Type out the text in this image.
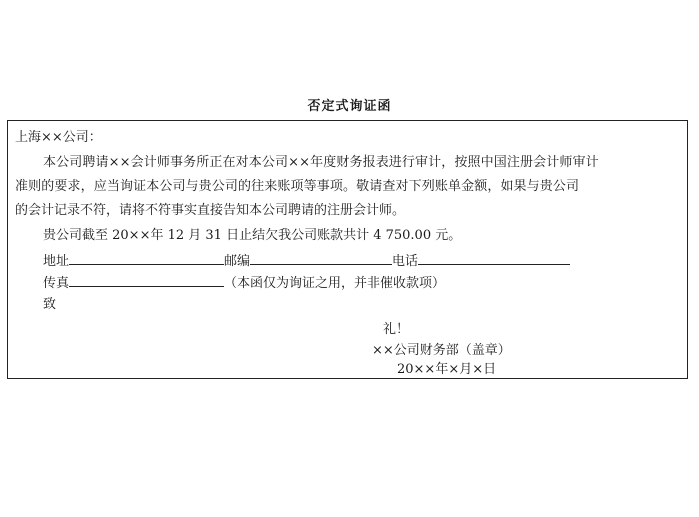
否定式询证函
上海××公司：
本公司聘请××会计师事务所正在对本公司××年度财务报表进行审计，按照中国注册会计师审计
准则的要求，应当询证本公司与贵公司的往来账项等事项。敬请查对下列账单金额，如果与贵公司
的会计记录不符，请将不符事实直接告知本公司聘请的注册会计师。
贵公司截至 20××年 12 月 31 日止结欠我公司账款共计 4 750.00 元。
地址	邮编	电话
传真	（本函仅为询证之用，并非催收款项）
致
礼！
××公司财务部（盖章）
20××年×月×日
